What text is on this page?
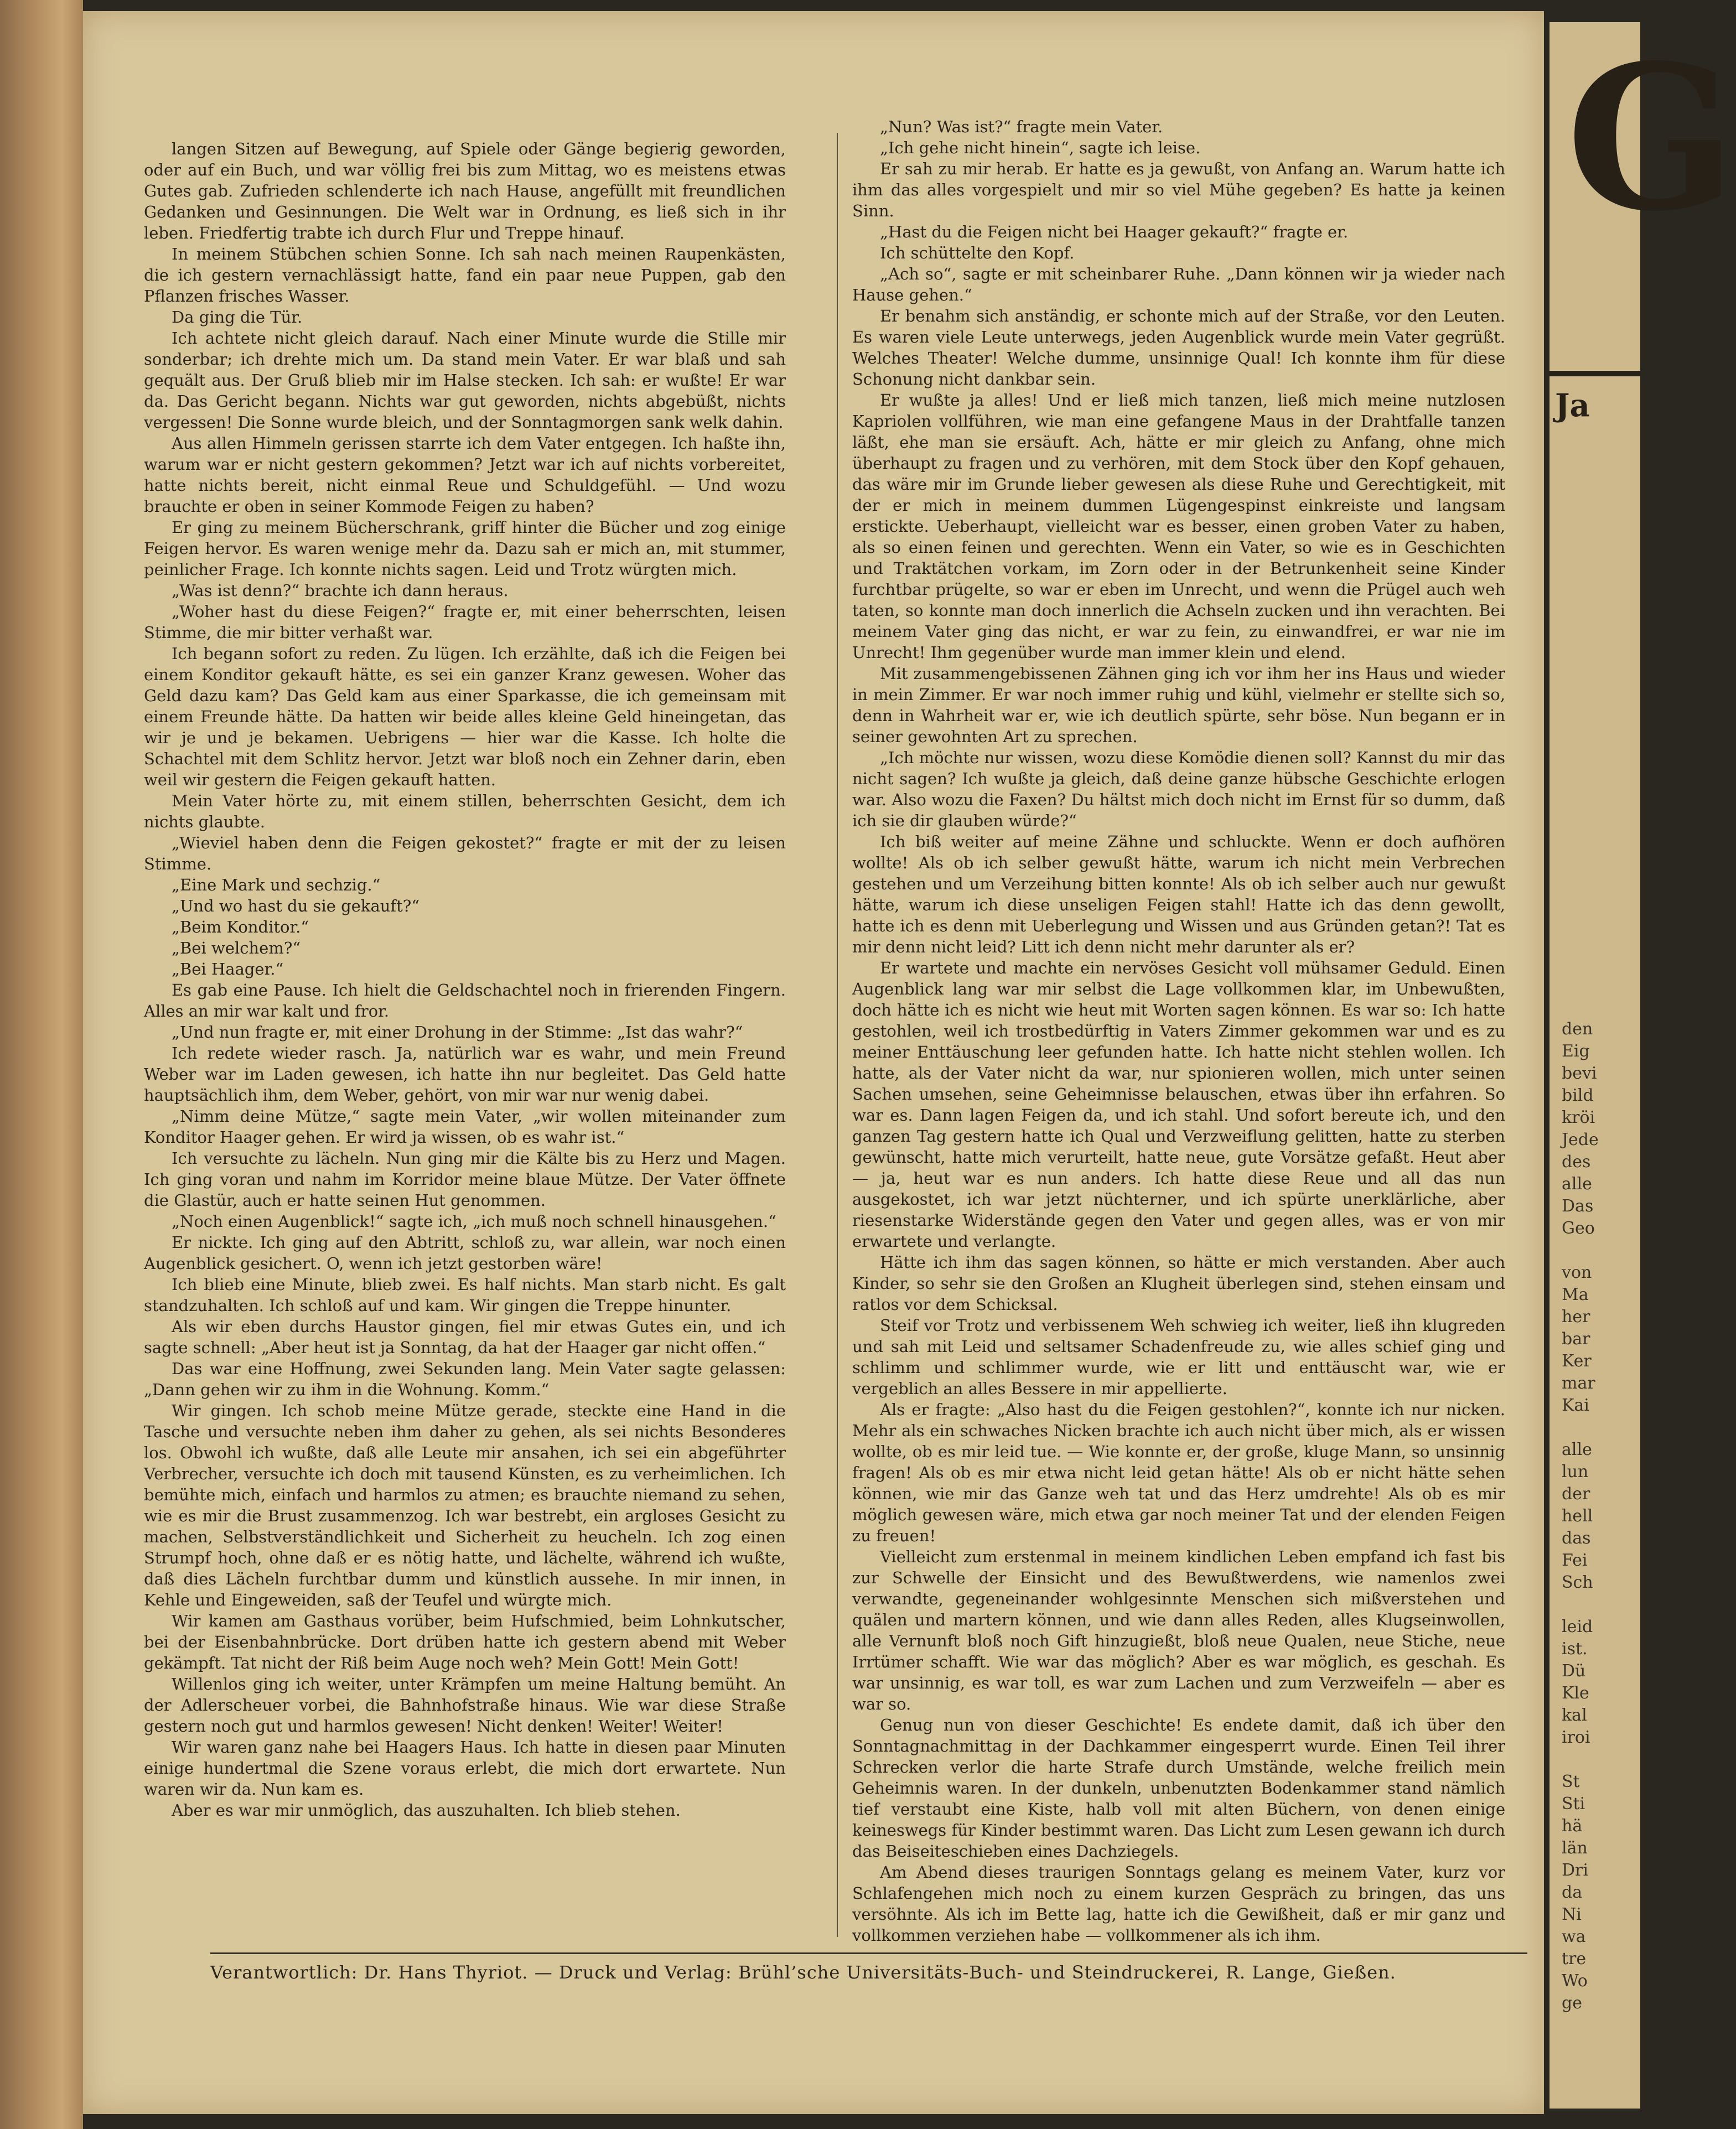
langen Sitzen auf Bewegung, auf Spiele oder Gänge begierig geworden, oder auf ein Buch, und war völlig frei bis zum Mittag, wo es meistens etwas Gutes gab. Zufrieden schlenderte ich nach Hause, angefüllt mit freundlichen Gedanken und Gesinnungen. Die Welt war in Ordnung, es ließ sich in ihr leben. Friedfertig trabte ich durch Flur und Treppe hinauf.

In meinem Stübchen schien Sonne. Ich sah nach meinen Raupenkästen, die ich gestern vernachlässigt hatte, fand ein paar neue Puppen, gab den Pflanzen frisches Wasser.

Da ging die Tür.

Ich achtete nicht gleich darauf. Nach einer Minute wurde die Stille mir sonderbar; ich drehte mich um. Da stand mein Vater. Er war blaß und sah gequält aus. Der Gruß blieb mir im Halse stecken. Ich sah: er wußte! Er war da. Das Gericht begann. Nichts war gut geworden, nichts abgebüßt, nichts vergessen! Die Sonne wurde bleich, und der Sonntagmorgen sank welk dahin.

Aus allen Himmeln gerissen starrte ich dem Vater entgegen. Ich haßte ihn, warum war er nicht gestern gekommen? Jetzt war ich auf nichts vorbereitet, hatte nichts bereit, nicht einmal Reue und Schuldgefühl. — Und wozu brauchte er oben in seiner Kommode Feigen zu haben?

Er ging zu meinem Bücherschrank, griff hinter die Bücher und zog einige Feigen hervor. Es waren wenige mehr da. Dazu sah er mich an, mit stummer, peinlicher Frage. Ich konnte nichts sagen. Leid und Trotz würgten mich.

„Was ist denn?“ brachte ich dann heraus.

„Woher hast du diese Feigen?“ fragte er, mit einer beherrschten, leisen Stimme, die mir bitter verhaßt war.

Ich begann sofort zu reden. Zu lügen. Ich erzählte, daß ich die Feigen bei einem Konditor gekauft hätte, es sei ein ganzer Kranz gewesen. Woher das Geld dazu kam? Das Geld kam aus einer Sparkasse, die ich gemeinsam mit einem Freunde hätte. Da hatten wir beide alles kleine Geld hineingetan, das wir je und je bekamen. Uebrigens — hier war die Kasse. Ich holte die Schachtel mit dem Schlitz hervor. Jetzt war bloß noch ein Zehner darin, eben weil wir gestern die Feigen gekauft hatten.

Mein Vater hörte zu, mit einem stillen, beherrschten Gesicht, dem ich nichts glaubte.

„Wieviel haben denn die Feigen gekostet?“ fragte er mit der zu leisen Stimme.

„Eine Mark und sechzig.“

„Und wo hast du sie gekauft?“

„Beim Konditor.“

„Bei welchem?“

„Bei Haager.“

Es gab eine Pause. Ich hielt die Geldschachtel noch in frierenden Fingern. Alles an mir war kalt und fror.

„Und nun fragte er, mit einer Drohung in der Stimme: „Ist das wahr?“

Ich redete wieder rasch. Ja, natürlich war es wahr, und mein Freund Weber war im Laden gewesen, ich hatte ihn nur begleitet. Das Geld hatte hauptsächlich ihm, dem Weber, gehört, von mir war nur wenig dabei.

„Nimm deine Mütze,“ sagte mein Vater, „wir wollen miteinander zum Konditor Haager gehen. Er wird ja wissen, ob es wahr ist.“

Ich versuchte zu lächeln. Nun ging mir die Kälte bis zu Herz und Magen. Ich ging voran und nahm im Korridor meine blaue Mütze. Der Vater öffnete die Glastür, auch er hatte seinen Hut genommen.

„Noch einen Augenblick!“ sagte ich, „ich muß noch schnell hinausgehen.“

Er nickte. Ich ging auf den Abtritt, schloß zu, war allein, war noch einen Augenblick gesichert. O, wenn ich jetzt gestorben wäre!

Ich blieb eine Minute, blieb zwei. Es half nichts. Man starb nicht. Es galt standzuhalten. Ich schloß auf und kam. Wir gingen die Treppe hinunter.

Als wir eben durchs Haustor gingen, fiel mir etwas Gutes ein, und ich sagte schnell: „Aber heut ist ja Sonntag, da hat der Haager gar nicht offen.“

Das war eine Hoffnung, zwei Sekunden lang. Mein Vater sagte gelassen: „Dann gehen wir zu ihm in die Wohnung. Komm.“

Wir gingen. Ich schob meine Mütze gerade, steckte eine Hand in die Tasche und versuchte neben ihm daher zu gehen, als sei nichts Besonderes los. Obwohl ich wußte, daß alle Leute mir ansahen, ich sei ein abgeführter Verbrecher, versuchte ich doch mit tausend Künsten, es zu verheimlichen. Ich bemühte mich, einfach und harmlos zu atmen; es brauchte niemand zu sehen, wie es mir die Brust zusammenzog. Ich war bestrebt, ein argloses Gesicht zu machen, Selbstverständlichkeit und Sicherheit zu heucheln. Ich zog einen Strumpf hoch, ohne daß er es nötig hatte, und lächelte, während ich wußte, daß dies Lächeln furchtbar dumm und künstlich aussehe. In mir innen, in Kehle und Eingeweiden, saß der Teufel und würgte mich.

Wir kamen am Gasthaus vorüber, beim Hufschmied, beim Lohnkutscher, bei der Eisenbahnbrücke. Dort drüben hatte ich gestern abend mit Weber gekämpft. Tat nicht der Riß beim Auge noch weh? Mein Gott! Mein Gott!

Willenlos ging ich weiter, unter Krämpfen um meine Haltung bemüht. An der Adlerscheuer vorbei, die Bahnhofstraße hinaus. Wie war diese Straße gestern noch gut und harmlos gewesen! Nicht denken! Weiter! Weiter!

Wir waren ganz nahe bei Haagers Haus. Ich hatte in diesen paar Minuten einige hundertmal die Szene voraus erlebt, die mich dort erwartete. Nun waren wir da. Nun kam es.

Aber es war mir unmöglich, das auszuhalten. Ich blieb stehen.

„Nun? Was ist?“ fragte mein Vater.

„Ich gehe nicht hinein“, sagte ich leise.

Er sah zu mir herab. Er hatte es ja gewußt, von Anfang an. Warum hatte ich ihm das alles vorgespielt und mir so viel Mühe gegeben? Es hatte ja keinen Sinn.

„Hast du die Feigen nicht bei Haager gekauft?“ fragte er.

Ich schüttelte den Kopf.

„Ach so“, sagte er mit scheinbarer Ruhe. „Dann können wir ja wieder nach Hause gehen.“

Er benahm sich anständig, er schonte mich auf der Straße, vor den Leuten. Es waren viele Leute unterwegs, jeden Augenblick wurde mein Vater gegrüßt. Welches Theater! Welche dumme, unsinnige Qual! Ich konnte ihm für diese Schonung nicht dankbar sein.

Er wußte ja alles! Und er ließ mich tanzen, ließ mich meine nutzlosen Kapriolen vollführen, wie man eine gefangene Maus in der Drahtfalle tanzen läßt, ehe man sie ersäuft. Ach, hätte er mir gleich zu Anfang, ohne mich überhaupt zu fragen und zu verhören, mit dem Stock über den Kopf gehauen, das wäre mir im Grunde lieber gewesen als diese Ruhe und Gerechtigkeit, mit der er mich in meinem dummen Lügengespinst einkreiste und langsam erstickte. Ueberhaupt, vielleicht war es besser, einen groben Vater zu haben, als so einen feinen und gerechten. Wenn ein Vater, so wie es in Geschichten und Traktätchen vorkam, im Zorn oder in der Betrunkenheit seine Kinder furchtbar prügelte, so war er eben im Unrecht, und wenn die Prügel auch weh taten, so konnte man doch innerlich die Achseln zucken und ihn verachten. Bei meinem Vater ging das nicht, er war zu fein, zu einwandfrei, er war nie im Unrecht! Ihm gegenüber wurde man immer klein und elend.

Mit zusammengebissenen Zähnen ging ich vor ihm her ins Haus und wieder in mein Zimmer. Er war noch immer ruhig und kühl, vielmehr er stellte sich so, denn in Wahrheit war er, wie ich deutlich spürte, sehr böse. Nun begann er in seiner gewohnten Art zu sprechen.

„Ich möchte nur wissen, wozu diese Komödie dienen soll? Kannst du mir das nicht sagen? Ich wußte ja gleich, daß deine ganze hübsche Geschichte erlogen war. Also wozu die Faxen? Du hältst mich doch nicht im Ernst für so dumm, daß ich sie dir glauben würde?“

Ich biß weiter auf meine Zähne und schluckte. Wenn er doch aufhören wollte! Als ob ich selber gewußt hätte, warum ich nicht mein Verbrechen gestehen und um Verzeihung bitten konnte! Als ob ich selber auch nur gewußt hätte, warum ich diese unseligen Feigen stahl! Hatte ich das denn gewollt, hatte ich es denn mit Ueberlegung und Wissen und aus Gründen getan?! Tat es mir denn nicht leid? Litt ich denn nicht mehr darunter als er?

Er wartete und machte ein nervöses Gesicht voll mühsamer Geduld. Einen Augenblick lang war mir selbst die Lage vollkommen klar, im Unbewußten, doch hätte ich es nicht wie heut mit Worten sagen können. Es war so: Ich hatte gestohlen, weil ich trostbedürftig in Vaters Zimmer gekommen war und es zu meiner Enttäuschung leer gefunden hatte. Ich hatte nicht stehlen wollen. Ich hatte, als der Vater nicht da war, nur spionieren wollen, mich unter seinen Sachen umsehen, seine Geheimnisse belauschen, etwas über ihn erfahren. So war es. Dann lagen Feigen da, und ich stahl. Und sofort bereute ich, und den ganzen Tag gestern hatte ich Qual und Verzweiflung gelitten, hatte zu sterben gewünscht, hatte mich verurteilt, hatte neue, gute Vorsätze gefaßt. Heut aber — ja, heut war es nun anders. Ich hatte diese Reue und all das nun ausgekostet, ich war jetzt nüchterner, und ich spürte unerklärliche, aber riesenstarke Widerstände gegen den Vater und gegen alles, was er von mir erwartete und verlangte.

Hätte ich ihm das sagen können, so hätte er mich verstanden. Aber auch Kinder, so sehr sie den Großen an Klugheit überlegen sind, stehen einsam und ratlos vor dem Schicksal.

Steif vor Trotz und verbissenem Weh schwieg ich weiter, ließ ihn klugreden und sah mit Leid und seltsamer Schadenfreude zu, wie alles schief ging und schlimm und schlimmer wurde, wie er litt und enttäuscht war, wie er vergeblich an alles Bessere in mir appellierte.

Als er fragte: „Also hast du die Feigen gestohlen?“, konnte ich nur nicken. Mehr als ein schwaches Nicken brachte ich auch nicht über mich, als er wissen wollte, ob es mir leid tue. — Wie konnte er, der große, kluge Mann, so unsinnig fragen! Als ob es mir etwa nicht leid getan hätte! Als ob er nicht hätte sehen können, wie mir das Ganze weh tat und das Herz umdrehte! Als ob es mir möglich gewesen wäre, mich etwa gar noch meiner Tat und der elenden Feigen zu freuen!

Vielleicht zum erstenmal in meinem kindlichen Leben empfand ich fast bis zur Schwelle der Einsicht und des Bewußtwerdens, wie namenlos zwei verwandte, gegeneinander wohlgesinnte Menschen sich mißverstehen und quälen und martern können, und wie dann alles Reden, alles Klugseinwollen, alle Vernunft bloß noch Gift hinzugießt, bloß neue Qualen, neue Stiche, neue Irrtümer schafft. Wie war das möglich? Aber es war möglich, es geschah. Es war unsinnig, es war toll, es war zum Lachen und zum Verzweifeln — aber es war so.

Genug nun von dieser Geschichte! Es endete damit, daß ich über den Sonntagnachmittag in der Dachkammer eingesperrt wurde. Einen Teil ihrer Schrecken verlor die harte Strafe durch Umstände, welche freilich mein Geheimnis waren. In der dunkeln, unbenutzten Bodenkammer stand nämlich tief verstaubt eine Kiste, halb voll mit alten Büchern, von denen einige keineswegs für Kinder bestimmt waren. Das Licht zum Lesen gewann ich durch das Beiseiteschieben eines Dachziegels.

Am Abend dieses traurigen Sonntags gelang es meinem Vater, kurz vor Schlafengehen mich noch zu einem kurzen Gespräch zu bringen, das uns versöhnte. Als ich im Bette lag, hatte ich die Gewißheit, daß er mir ganz und vollkommen verziehen habe — vollkommener als ich ihm.

Verantwortlich: Dr. Hans Thyriot. — Druck und Verlag: Brühl’sche Universitäts-Buch- und Steindruckerei, R. Lange, Gießen.
G
Ja
den
Eig
bevi
bild
kröi
Jede
des
alle
Das
Geo

von
Ma
her
bar
Ker
mar
Kai

alle
lun
der
hell
das
Fei
Sch

leid
ist.
Dü
Kle
kal
iroi

St
Sti
hä
län
Dri
da
Ni
wa
tre
Wo
ge
